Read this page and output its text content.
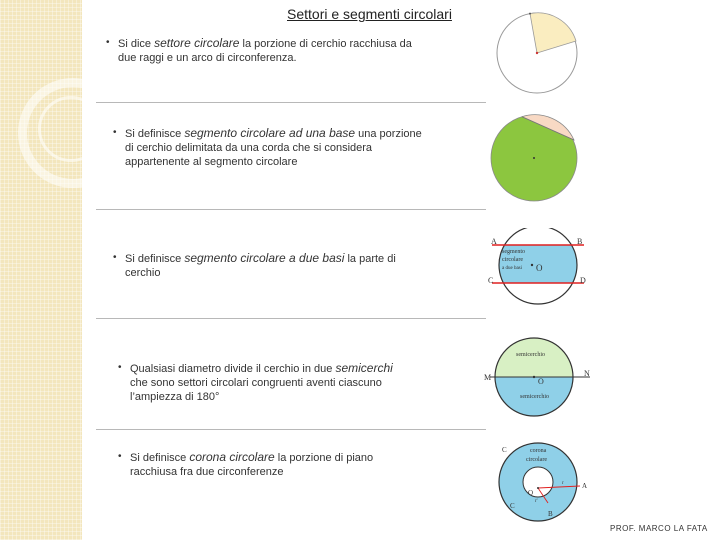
Settori e segmenti circolari
• Si dice settore circolare la porzione di cerchio racchiusa da
due raggi e un arco di circonferenza.
• Si definisce segmento circolare ad una base una porzione
di cerchio delimitata da una corda che si considera
appartenente al segmento circolare
• Si definisce segmento circolare a due basi la parte di
cerchio
• Qualsiasi diametro divide il cerchio in due semicerchi
che sono settori circolari congruenti aventi ciascuno
l’ampiezza di 180°
• Si definisce corona circolare la porzione di piano
racchiusa fra due circonferenze
A	B
C	D
O
segmento
circolare
a due basi
M	N
O
semicerchio
semicerchio
C
C
A
B
O
r
r'
corona
circolare
PROF. MARCO LA FATA
